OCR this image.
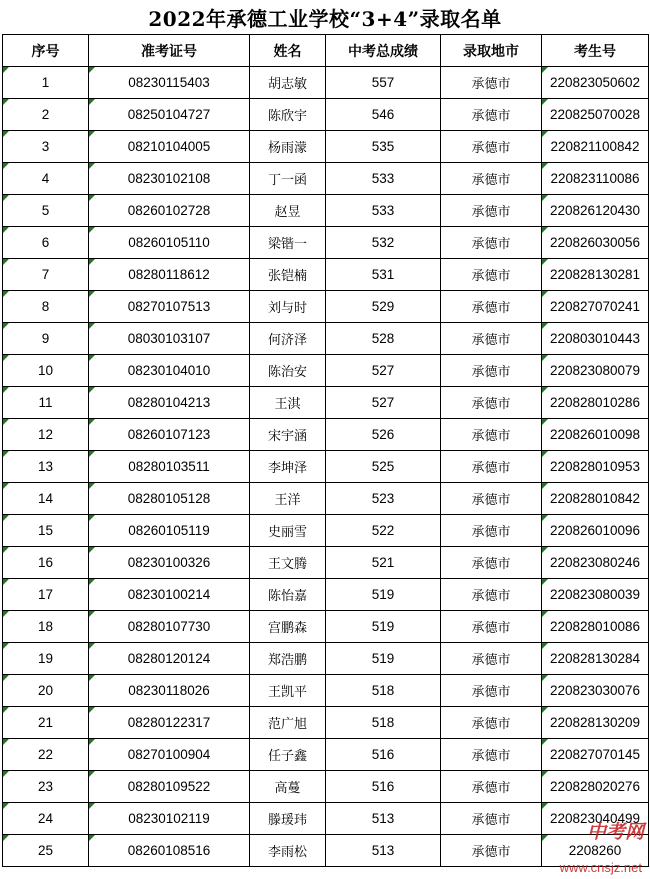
2022年承德工业学校“3+4”录取名单
序号	准考证号	姓名	中考总成绩	录取地市	考生号
1	08230115403	胡志敏	557	承德市	220823050602
2	08250104727	陈欣宇	546	承德市	220825070028
3	08210104005	杨雨濛	535	承德市	220821100842
4	08230102108	丁一函	533	承德市	220823110086
5	08260102728	赵昱	533	承德市	220826120430
6	08260105110	梁锴一	532	承德市	220826030056
7	08280118612	张铠楠	531	承德市	220828130281
8	08270107513	刘与时	529	承德市	220827070241
9	08030103107	何济泽	528	承德市	220803010443
10	08230104010	陈治安	527	承德市	220823080079
11	08280104213	王淇	527	承德市	220828010286
12	08260107123	宋宇涵	526	承德市	220826010098
13	08280103511	李坤泽	525	承德市	220828010953
14	08280105128	王洋	523	承德市	220828010842
15	08260105119	史丽雪	522	承德市	220826010096
16	08230100326	王文腾	521	承德市	220823080246
17	08230100214	陈怡嘉	519	承德市	220823080039
18	08280107730	宫鹏森	519	承德市	220828010086
19	08280120124	郑浩鹏	519	承德市	220828130284
20	08230118026	王凯平	518	承德市	220823030076
21	08280122317	范广旭	518	承德市	220828130209
22	08270100904	任子鑫	516	承德市	220827070145
23	08280109522	高蔓	516	承德市	220828020276
24	08230102119	滕瑗玮	513	承德市	220823040499
25	08260108516	李雨松	513	承德市	2208260
中考网
www.cnsjz.net
